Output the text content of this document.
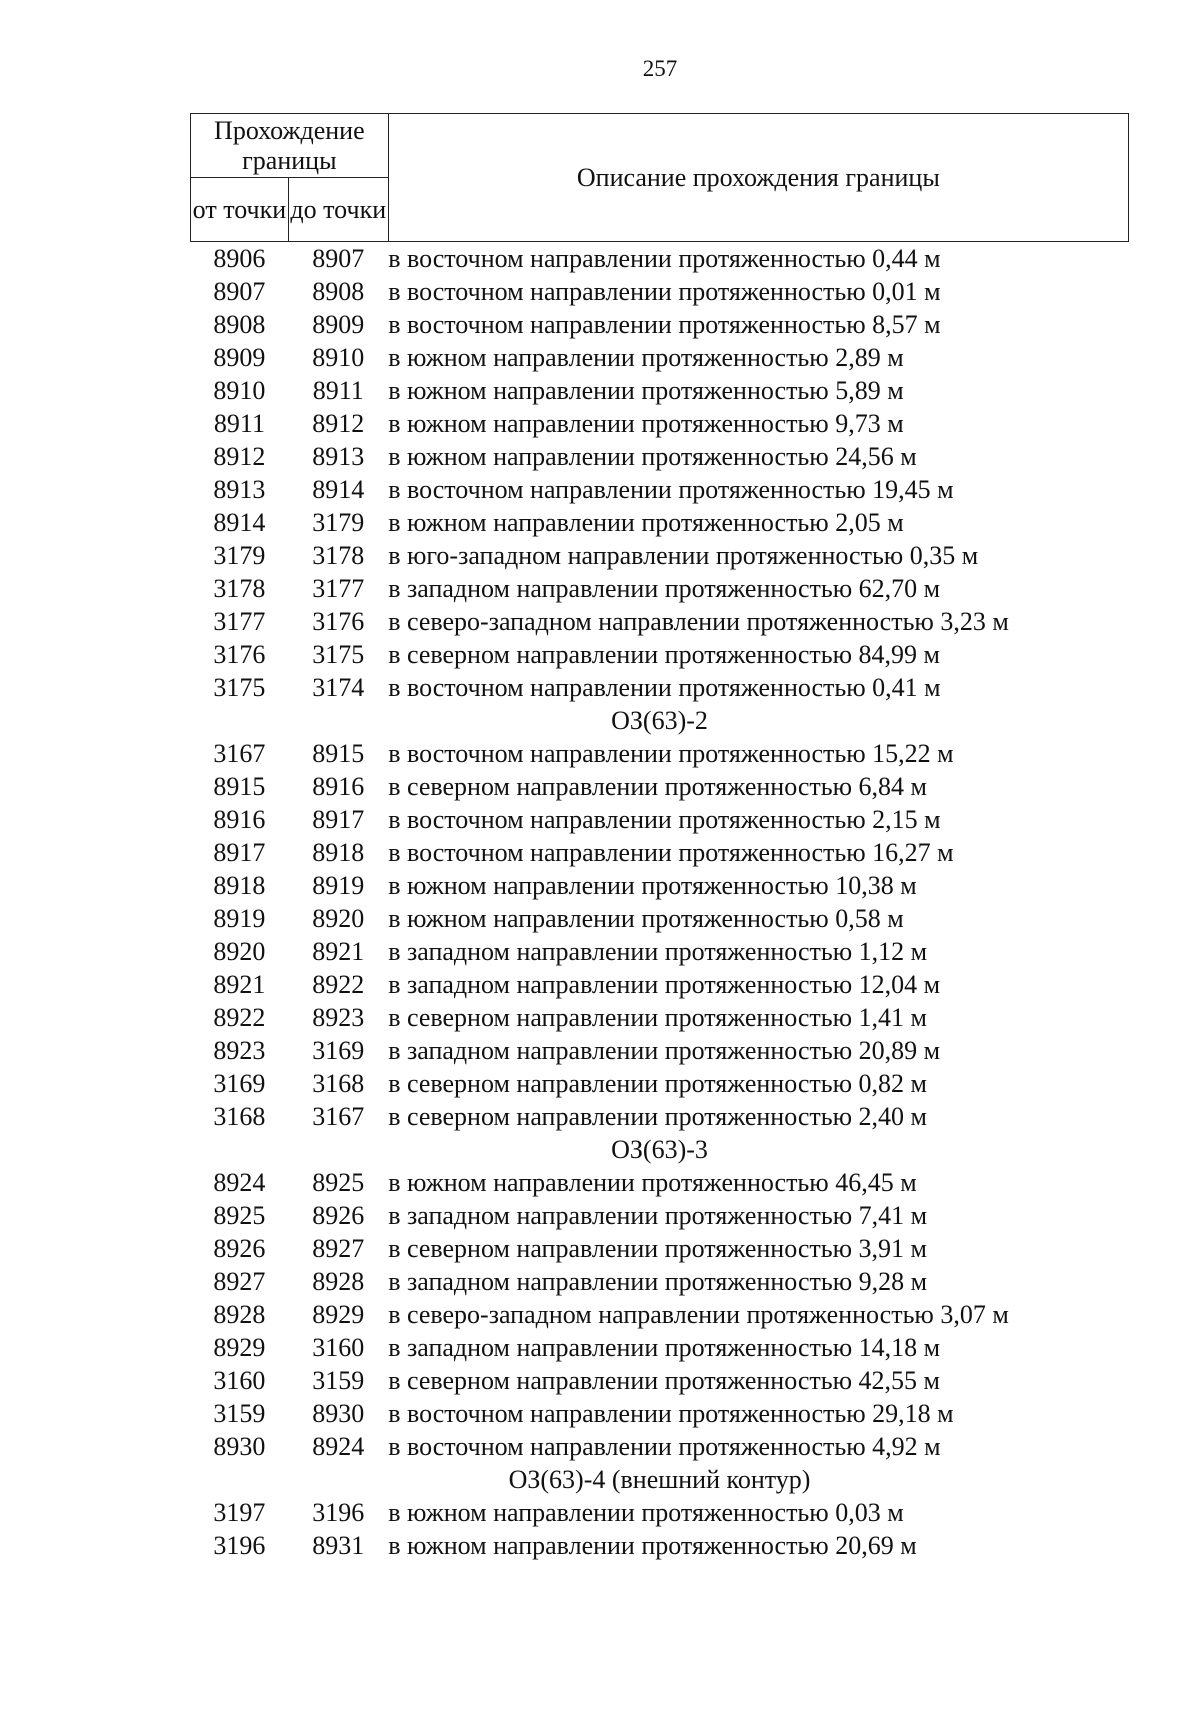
257
Прохождение границы		Описание прохождения границы
от точки	до точки	
8906	8907	в восточном направлении протяженностью 0,44 м
8907	8908	в восточном направлении протяженностью 0,01 м
8908	8909	в восточном направлении протяженностью 8,57 м
8909	8910	в южном направлении протяженностью 2,89 м
8910	8911	в южном направлении протяженностью 5,89 м
8911	8912	в южном направлении протяженностью 9,73 м
8912	8913	в южном направлении протяженностью 24,56 м
8913	8914	в восточном направлении протяженностью 19,45 м
8914	3179	в южном направлении протяженностью 2,05 м
3179	3178	в юго-западном направлении протяженностью 0,35 м
3178	3177	в западном направлении протяженностью 62,70 м
3177	3176	в северо-западном направлении протяженностью 3,23 м
3176	3175	в северном направлении протяженностью 84,99 м
3175	3174	в восточном направлении протяженностью 0,41 м
ОЗ(63)-2		
3167	8915	в восточном направлении протяженностью 15,22 м
8915	8916	в северном направлении протяженностью 6,84 м
8916	8917	в восточном направлении протяженностью 2,15 м
8917	8918	в восточном направлении протяженностью 16,27 м
8918	8919	в южном направлении протяженностью 10,38 м
8919	8920	в южном направлении протяженностью 0,58 м
8920	8921	в западном направлении протяженностью 1,12 м
8921	8922	в западном направлении протяженностью 12,04 м
8922	8923	в северном направлении протяженностью 1,41 м
8923	3169	в западном направлении протяженностью 20,89 м
3169	3168	в северном направлении протяженностью 0,82 м
3168	3167	в северном направлении протяженностью 2,40 м
ОЗ(63)-3		
8924	8925	в южном направлении протяженностью 46,45 м
8925	8926	в западном направлении протяженностью 7,41 м
8926	8927	в северном направлении протяженностью 3,91 м
8927	8928	в западном направлении протяженностью 9,28 м
8928	8929	в северо-западном направлении протяженностью 3,07 м
8929	3160	в западном направлении протяженностью 14,18 м
3160	3159	в северном направлении протяженностью 42,55 м
3159	8930	в восточном направлении протяженностью 29,18 м
8930	8924	в восточном направлении протяженностью 4,92 м
ОЗ(63)-4 (внешний контур)		
3197	3196	в южном направлении протяженностью 0,03 м
3196	8931	в южном направлении протяженностью 20,69 м
